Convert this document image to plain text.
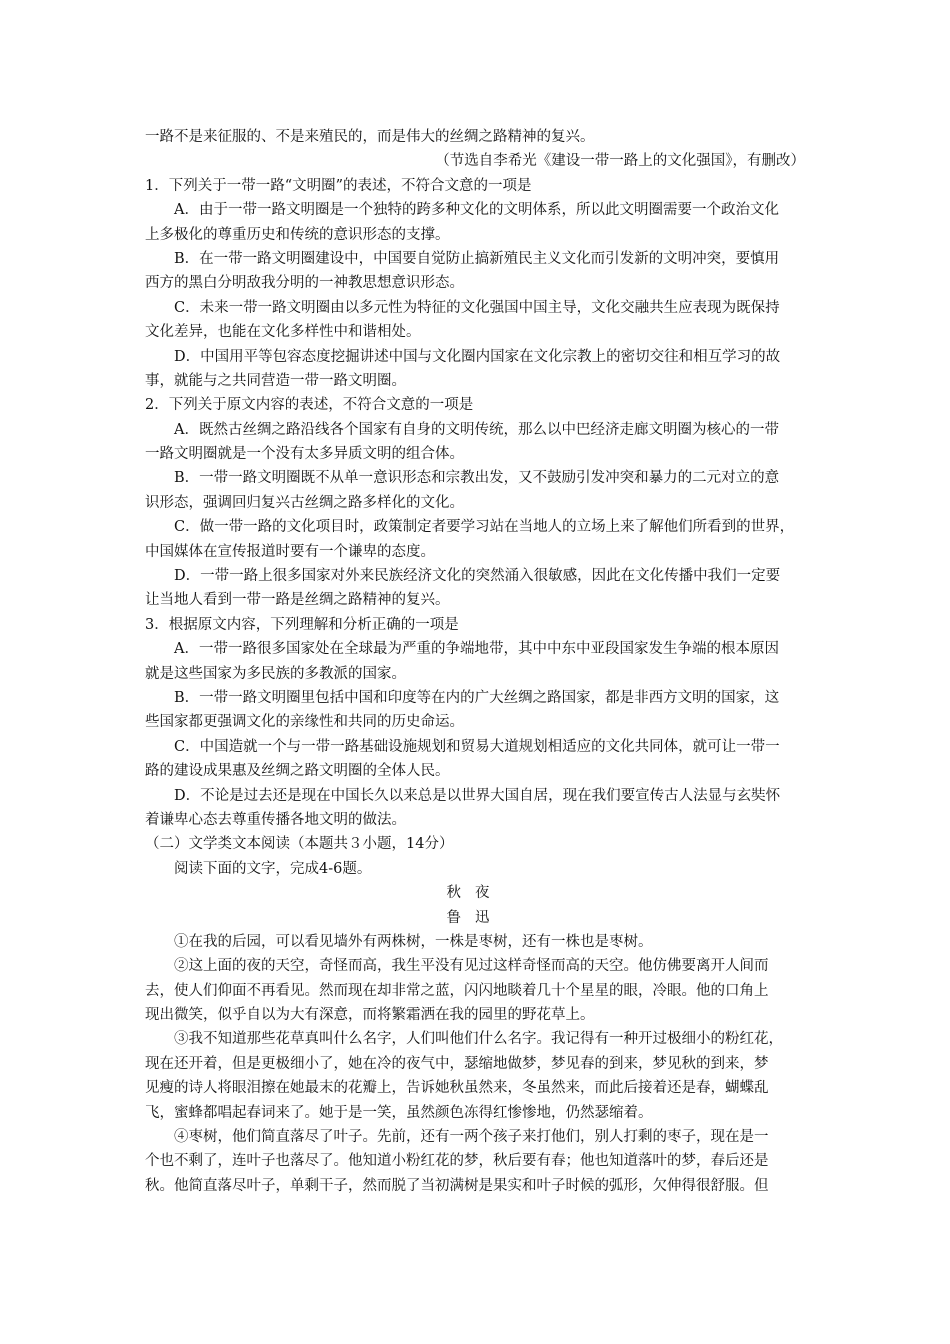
一路不是来征服的、不是来殖民的，而是伟大的丝绸之路精神的复兴。
（节选自李希光《建设一带一路上的文化强国》，有删改）
1．下列关于一带一路“文明圈”的表述，不符合文意的一项是
A．由于一带一路文明圈是一个独特的跨多种文化的文明体系，所以此文明圈需要一个政治文化
上多极化的尊重历史和传统的意识形态的支撑。
B．在一带一路文明圈建设中，中国要自觉防止搞新殖民主义文化而引发新的文明冲突，要慎用
西方的黑白分明敌我分明的一神教思想意识形态。
C．未来一带一路文明圈由以多元性为特征的文化强国中国主导，文化交融共生应表现为既保持
文化差异，也能在文化多样性中和谐相处。
D．中国用平等包容态度挖掘讲述中国与文化圈内国家在文化宗教上的密切交往和相互学习的故
事，就能与之共同营造一带一路文明圈。
2．下列关于原文内容的表述，不符合文意的一项是
A．既然古丝绸之路沿线各个国家有自身的文明传统，那么以中巴经济走廊文明圈为核心的一带
一路文明圈就是一个没有太多异质文明的组合体。
B．一带一路文明圈既不从单一意识形态和宗教出发，又不鼓励引发冲突和暴力的二元对立的意
识形态，强调回归复兴古丝绸之路多样化的文化。
C．做一带一路的文化项目时，政策制定者要学习站在当地人的立场上来了解他们所看到的世界，
中国媒体在宣传报道时要有一个谦卑的态度。
D．一带一路上很多国家对外来民族经济文化的突然涌入很敏感，因此在文化传播中我们一定要
让当地人看到一带一路是丝绸之路精神的复兴。
3．根据原文内容，下列理解和分析正确的一项是
A．一带一路很多国家处在全球最为严重的争端地带，其中中东中亚段国家发生争端的根本原因
就是这些国家为多民族的多教派的国家。
B．一带一路文明圈里包括中国和印度等在内的广大丝绸之路国家，都是非西方文明的国家，这
些国家都更强调文化的亲缘性和共同的历史命运。
C．中国造就一个与一带一路基础设施规划和贸易大道规划相适应的文化共同体，就可让一带一
路的建设成果惠及丝绸之路文明圈的全体人民。
D．不论是过去还是现在中国长久以来总是以世界大国自居，现在我们要宣传古人法显与玄奘怀
着谦卑心态去尊重传播各地文明的做法。
（二）文学类文本阅读（本题共３小题，14分）
阅读下面的文字，完成4-6题。
秋夜
鲁迅
①在我的后园，可以看见墙外有两株树，一株是枣树，还有一株也是枣树。
②这上面的夜的天空，奇怪而高，我生平没有见过这样奇怪而高的天空。他仿佛要离开人间而
去，使人们仰面不再看见。然而现在却非常之蓝，闪闪地睒着几十个星星的眼，冷眼。他的口角上
现出微笑，似乎自以为大有深意，而将繁霜洒在我的园里的野花草上。
③我不知道那些花草真叫什么名字，人们叫他们什么名字。我记得有一种开过极细小的粉红花，
现在还开着，但是更极细小了，她在冷的夜气中，瑟缩地做梦，梦见春的到来，梦见秋的到来，梦
见瘦的诗人将眼泪擦在她最末的花瓣上，告诉她秋虽然来，冬虽然来，而此后接着还是春，蝴蝶乱
飞，蜜蜂都唱起春词来了。她于是一笑，虽然颜色冻得红惨惨地，仍然瑟缩着。
④枣树，他们简直落尽了叶子。先前，还有一两个孩子来打他们，别人打剩的枣子，现在是一
个也不剩了，连叶子也落尽了。他知道小粉红花的梦，秋后要有春；他也知道落叶的梦，春后还是
秋。他简直落尽叶子，单剩干子，然而脱了当初满树是果实和叶子时候的弧形，欠伸得很舒服。但
